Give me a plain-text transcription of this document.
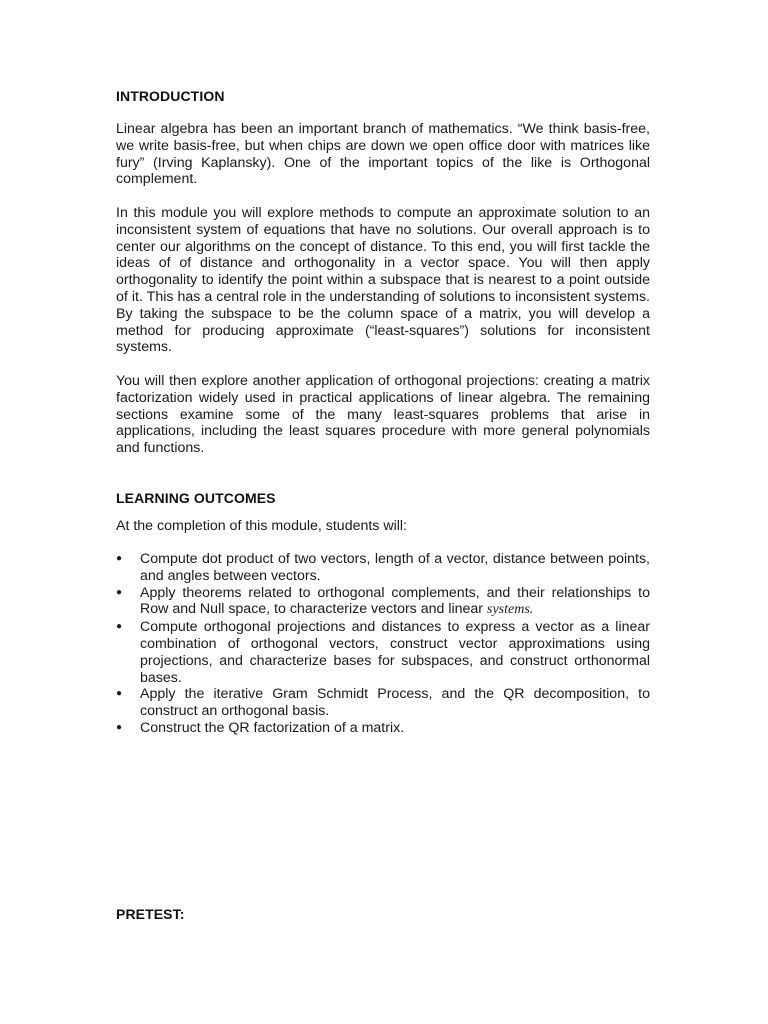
INTRODUCTION

Linear algebra has been an important branch of mathematics. “We think basis-free, we write basis-free, but when chips are down we open office door with matrices like fury” (Irving Kaplansky). One of the important topics of the like is Orthogonal complement.

In this module you will explore methods to compute an approximate solution to an inconsistent system of equations that have no solutions. Our overall approach is to center our algorithms on the concept of distance. To this end, you will first tackle the ideas of of distance and orthogonality in a vector space. You will then apply orthogonality to identify the point within a subspace that is nearest to a point outside of it. This has a central role in the understanding of solutions to inconsistent systems. By taking the subspace to be the column space of a matrix, you will develop a method for producing approximate (“least-squares”) solutions for inconsistent systems.

You will then explore another application of orthogonal projections: creating a matrix factorization widely used in practical applications of linear algebra. The remaining sections examine some of the many least-squares problems that arise in applications, including the least squares procedure with more general polynomials and functions.

LEARNING OUTCOMES

At the completion of this module, students will:

● Compute dot product of two vectors, length of a vector, distance between points, and angles between vectors.
● Apply theorems related to orthogonal complements, and their relationships to Row and Null space, to characterize vectors and linear systems.
● Compute orthogonal projections and distances to express a vector as a linear combination of orthogonal vectors, construct vector approximations using projections, and characterize bases for subspaces, and construct orthonormal bases.
● Apply the iterative Gram Schmidt Process, and the QR decomposition, to construct an orthogonal basis.
● Construct the QR factorization of a matrix.
PRETEST:
